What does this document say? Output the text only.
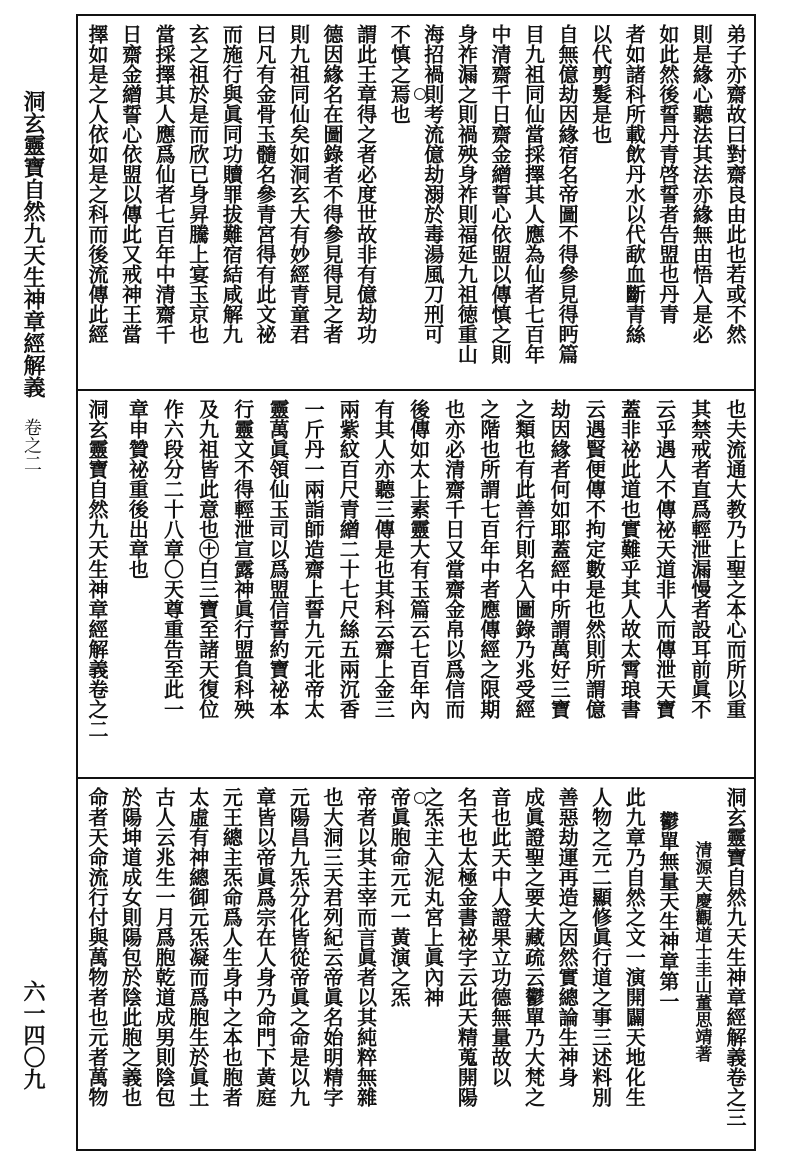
洞玄靈寶自然九天生神章經解義
卷之二
六一四〇九
弟子亦齋故曰對齋良由此也若或不然
則是緣心聽法其法亦緣無由悟入是必
如此然後誓丹青啓誓者告盟也丹青
者如諸科所載飲丹水以代歃血斷青絲
以代剪髮是也
自無億劫因緣宿名帝圖不得參見得眄篇
目九祖同仙當採擇其人應為仙者七百年
中清齋千日齋金繒誓心依盟以傳慎之則
身祚漏之則禍殃身祚則福延九祖徳重山
海招禍則考流億劫溺於毒湯風刀刑可
不慎之焉也
謂此王章得之者必度世故非有億劫功
德因緣名在圖錄者不得參見得見之者
則九祖同仙矣如洞玄大有妙經青童君
曰凡有金骨玉髓名參青宮得有此文祕
而施行與眞同功贖罪拔難宿結咸解九
玄之祖於是而欣已身昇騰上宴玉京也
當採擇其人應爲仙者七百年中清齋千
日齋金繒誓心依盟以傳此又戒神王當
擇如是之人依如是之科而後流傳此經
也夫流通大教乃上聖之本心而所以重
其禁戒者直爲輕泄漏慢者設耳前眞不
云乎遇人不傳祕天道非人而傳泄天寶
蓋非祕此道也實難乎其人故太霄琅書
云遇賢便傳不拘定數是也然則所謂億
劫因緣者何如耶蓋經中所謂萬好三寶
之類也有此善行則名入圖錄乃兆受經
之階也所謂七百年中者應傳經之限期
也亦必清齋千日又當齋金帛以爲信而
後傳如太上素靈大有玉篇云七百年內
有其人亦聽三傳是也其科云齋上金三
兩紫紋百尺青繒二十七尺絲五兩沉香
一斤丹一兩詣師造齋上誓九元北帝太
靈萬眞領仙玉司以爲盟信誓約寶祕本
行靈文不得輕泄宣露神眞行盟負科殃
及九祖皆此意也㊉白三寶至諸天復位
作六段分二十八章〇天尊重告至此一
章申贊祕重後出章也
洞玄靈寶自然九天生神章經解義卷之二
洞玄靈寶自然九天生神章經解義卷之三
清源天慶觀道士圭山董思靖著
鬱單無量天生神章第一
此九章乃自然之文一演開闢天地化生
人物之元二顯修眞行道之事三述料別
善惡劫運再造之因然實總論生神身
成眞證聖之要大藏疏云鬱單乃大梵之
音也此天中人證果立功德無量故以
名天也太極金書祕字云此天精蒐開陽
之炁主入泥丸宮上眞內神
帝眞胞命元元一黃演之炁
帝者以其主宰而言眞者以其純粹無雜
也大洞三天君列紀云帝眞名始明精字
元陽昌九炁分化皆從帝眞之命是以九
章皆以帝眞爲宗在人身乃命門下黃庭
元王總主炁命爲人生身中之本也胞者
太虛有神總御元炁凝而爲胞生於眞土
古人云兆生一月爲胞乾道成男則陰包
於陽坤道成女則陽包於陰此胞之義也
命者天命流行付與萬物者也元者萬物
